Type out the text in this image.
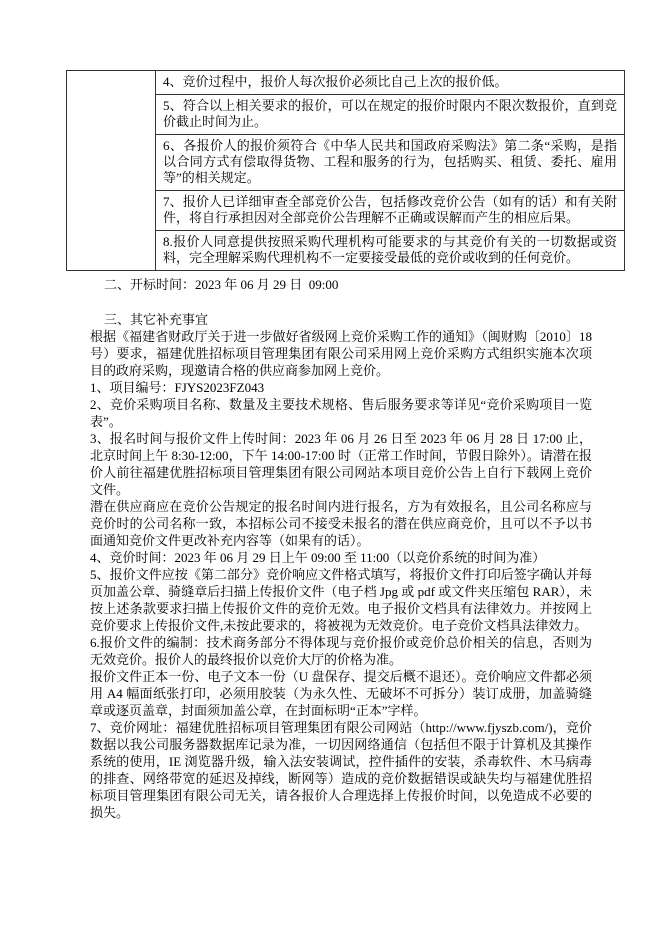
	4、竞价过程中，报价人每次报价必须比自己上次的报价低。
5、符合以上相关要求的报价，可以在规定的报价时限内不限次数报价，直到竞价截止时间为止。
6、各报价人的报价须符合《中华人民共和国政府采购法》第二条“采购，是指以合同方式有偿取得货物、工程和服务的行为，包括购买、租赁、委托、雇用等”的相关规定。
7、报价人已详细审查全部竞价公告，包括修改竞价公告（如有的话）和有关附件，将自行承担因对全部竞价公告理解不正确或误解而产生的相应后果。
8.报价人同意提供按照采购代理机构可能要求的与其竞价有关的一切数据或资料，完全理解采购代理机构不一定要接受最低的竞价或收到的任何竞价。
二、开标时间：2023 年 06 月 29 日  09:00
三、其它补充事宜

根据《福建省财政厅关于进一步做好省级网上竞价采购工作的通知》（闽财购〔2010〕18 号）要求，福建优胜招标项目管理集团有限公司采用网上竞价采购方式组织实施本次项目的政府采购，现邀请合格的供应商参加网上竞价。

1、项目编号：FJYS2023FZ043

2、竞价采购项目名称、数量及主要技术规格、售后服务要求等详见“竞价采购项目一览表”。

3、报名时间与报价文件上传时间：2023 年 06 月 26 日至 2023 年 06 月 28 日 17:00 止，北京时间上午 8:30-12:00，下午 14:00-17:00 时（正常工作时间，节假日除外）。请潜在报价人前往福建优胜招标项目管理集团有限公司网站本项目竞价公告上自行下载网上竞价文件。

潜在供应商应在竞价公告规定的报名时间内进行报名，方为有效报名，且公司名称应与竞价时的公司名称一致，本招标公司不接受未报名的潜在供应商竞价，且可以不予以书面通知竞价文件更改补充内容等（如果有的话）。

4、竞价时间：2023 年 06 月 29 日上午 09:00 至 11:00（以竞价系统的时间为准）

5、报价文件应按《第二部分》竞价响应文件格式填写，将报价文件打印后签字确认并每页加盖公章、骑缝章后扫描上传报价文件（电子档 Jpg 或 pdf 或文件夹压缩包 RAR），未按上述条款要求扫描上传报价文件的竞价无效。电子报价文档具有法律效力。并按网上竞价要求上传报价文件,未按此要求的，将被视为无效竞价。电子竞价文档具法律效力。

6.报价文件的编制：技术商务部分不得体现与竞价报价或竞价总价相关的信息，否则为无效竞价。报价人的最终报价以竞价大厅的价格为准。

报价文件正本一份、电子文本一份（U 盘保存、提交后概不退还）。竞价响应文件都必须用 A4 幅面纸张打印，必须用胶装（为永久性、无破坏不可拆分）装订成册，加盖骑缝章或逐页盖章，封面须加盖公章，在封面标明“正本”字样。

7、竞价网址：福建优胜招标项目管理集团有限公司网站（http://www.fjyszb.com/)，竞价数据以我公司服务器数据库记录为准，一切因网络通信（包括但不限于计算机及其操作系统的使用，IE 浏览器升级，输入法安装调试，控件插件的安装，杀毒软件、木马病毒的排查、网络带宽的延迟及掉线，断网等）造成的竞价数据错误或缺失均与福建优胜招标项目管理集团有限公司无关，请各报价人合理选择上传报价时间，以免造成不必要的损失。
